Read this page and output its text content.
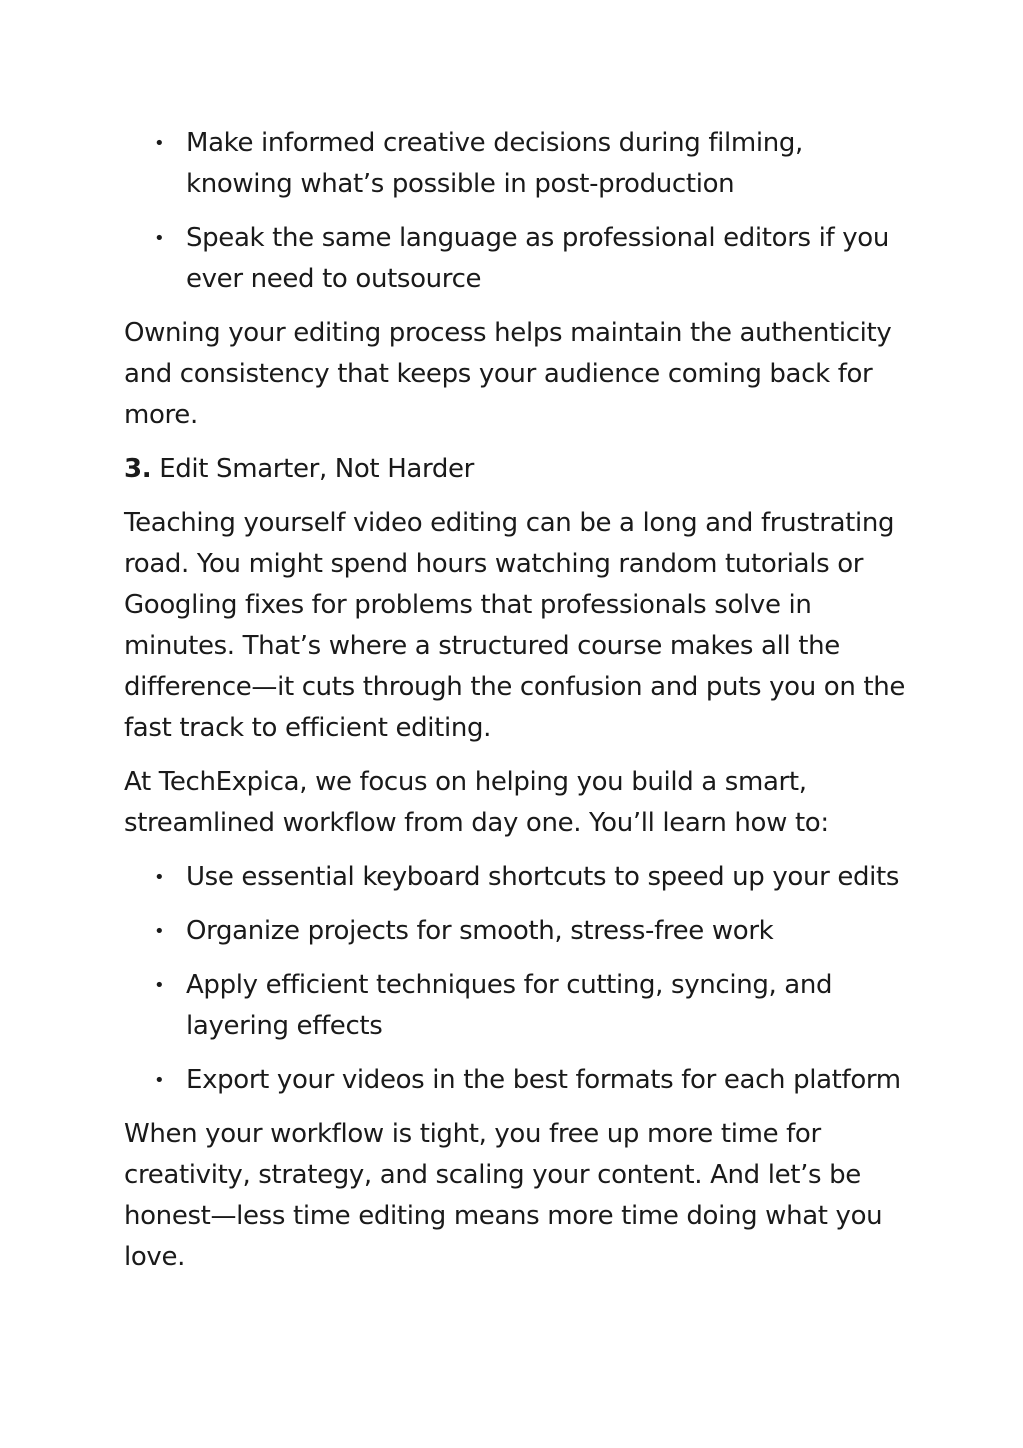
• Make informed creative decisions during filming, knowing what’s possible in post-production
• Speak the same language as professional editors if you ever need to outsource

Owning your editing process helps maintain the authenticity and consistency that keeps your audience coming back for more.

3. Edit Smarter, Not Harder

Teaching yourself video editing can be a long and frustrating road. You might spend hours watching random tutorials or Googling fixes for problems that professionals solve in minutes. That’s where a structured course makes all the difference—it cuts through the confusion and puts you on the fast track to efficient editing.

At TechExpica, we focus on helping you build a smart, streamlined workflow from day one. You’ll learn how to:

• Use essential keyboard shortcuts to speed up your edits
• Organize projects for smooth, stress-free work
• Apply efficient techniques for cutting, syncing, and layering effects
• Export your videos in the best formats for each platform

When your workflow is tight, you free up more time for creativity, strategy, and scaling your content. And let’s be honest—less time editing means more time doing what you love.
